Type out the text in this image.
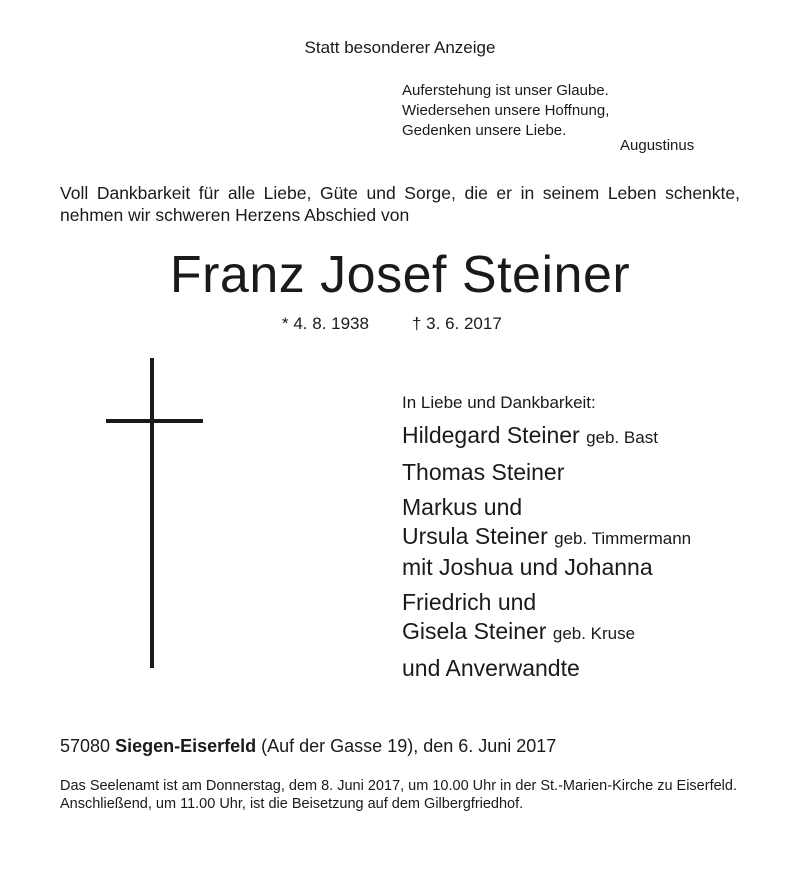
Statt besonderer Anzeige
Auferstehung ist unser Glaube.
Wiedersehen unsere Hoffnung,
Gedenken unsere Liebe.
Augustinus
Voll Dankbarkeit für alle Liebe, Güte und Sorge, die er in seinem Leben schenkte, nehmen wir schweren Herzens Abschied von
Franz Josef Steiner
* 4. 8. 1938	† 3. 6. 2017
In Liebe und Dankbarkeit:
Hildegard Steiner geb. Bast
Thomas Steiner
Markus und
Ursula Steiner geb. Timmermann
mit Joshua und Johanna
Friedrich und
Gisela Steiner geb. Kruse
und Anverwandte
57080 Siegen-Eiserfeld (Auf der Gasse 19), den 6. Juni 2017
Das Seelenamt ist am Donnerstag, dem 8. Juni 2017, um 10.00 Uhr in der St.-Marien-Kirche zu Eiserfeld.
Anschließend, um 11.00 Uhr, ist die Beisetzung auf dem Gilbergfriedhof.
